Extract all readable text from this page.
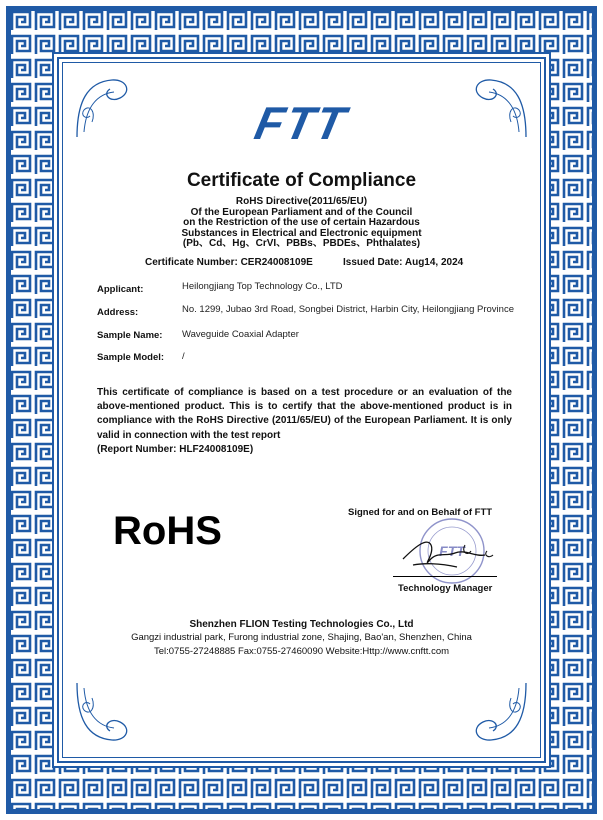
FTT
Certificate of Compliance
RoHS Directive(2011/65/EU)
Of the European Parliament and of the Council
on the Restriction of the use of certain Hazardous
Substances in Electrical and Electronic equipment
(Pb、Cd、Hg、CrVI、PBBs、PBDEs、Phthalates)
Certificate Number: CER24008109E	Issued Date: Aug14, 2024
Applicant:	Heilongjiang Top Technology Co., LTD
Address:	No. 1299, Jubao 3rd Road, Songbei District, Harbin City, Heilongjiang Province
Sample Name: Waveguide Coaxial Adapter
Sample Model: /
This certificate of compliance is based on a test procedure or an evaluation of the above-mentioned product. This is to certify that the above-mentioned product is in compliance with the RoHS Directive (2011/65/EU) of the European Parliament. It is only valid in connection with the test report
(Report Number: HLF24008109E)
RoHS	Signed for and on Behalf of FTT
FTT
Technology Manager
Shenzhen FLION Testing Technologies Co., Ltd
Gangzi industrial park, Furong industrial zone, Shajing, Bao'an, Shenzhen, China
Tel:0755-27248885 Fax:0755-27460090 Website:Http://www.cnftt.com
